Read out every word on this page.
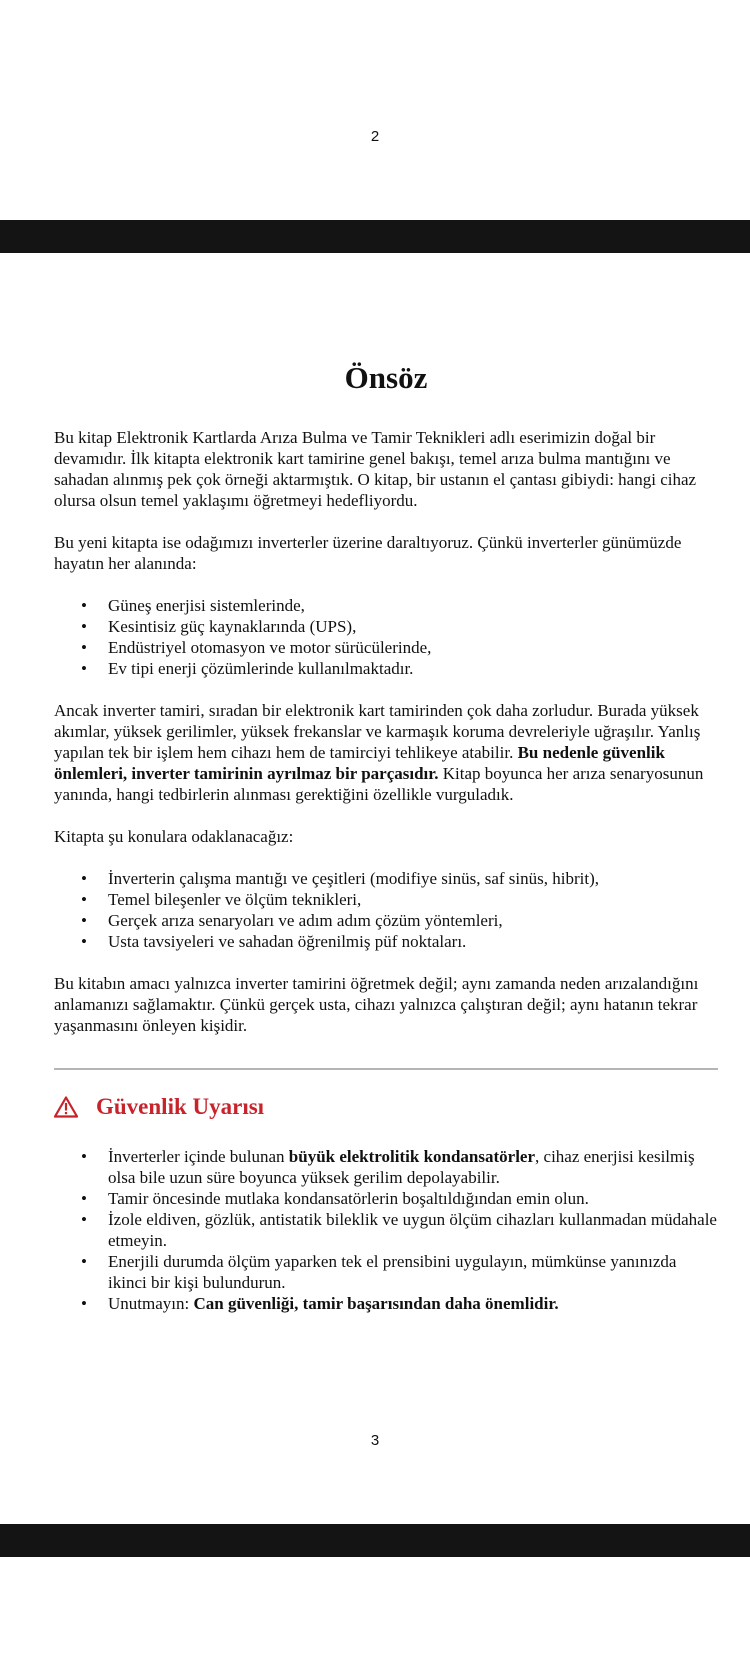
2
Önsöz

Bu kitap Elektronik Kartlarda Arıza Bulma ve Tamir Teknikleri adlı eserimizin doğal bir devamıdır. İlk kitapta elektronik kart tamirine genel bakışı, temel arıza bulma mantığını ve sahadan alınmış pek çok örneği aktarmıştık. O kitap, bir ustanın el çantası gibiydi: hangi cihaz olursa olsun temel yaklaşımı öğretmeyi hedefliyordu.

Bu yeni kitapta ise odağımızı inverterler üzerine daraltıyoruz. Çünkü inverterler günümüzde hayatın her alanında:

• Güneş enerjisi sistemlerinde,
• Kesintisiz güç kaynaklarında (UPS),
• Endüstriyel otomasyon ve motor sürücülerinde,
• Ev tipi enerji çözümlerinde kullanılmaktadır.

Ancak inverter tamiri, sıradan bir elektronik kart tamirinden çok daha zorludur. Burada yüksek akımlar, yüksek gerilimler, yüksek frekanslar ve karmaşık koruma devreleriyle uğraşılır. Yanlış yapılan tek bir işlem hem cihazı hem de tamirciyi tehlikeye atabilir. Bu nedenle güvenlik önlemleri, inverter tamirinin ayrılmaz bir parçasıdır. Kitap boyunca her arıza senaryosunun yanında, hangi tedbirlerin alınması gerektiğini özellikle vurguladık.

Kitapta şu konulara odaklanacağız:

• İnverterin çalışma mantığı ve çeşitleri (modifiye sinüs, saf sinüs, hibrit),
• Temel bileşenler ve ölçüm teknikleri,
• Gerçek arıza senaryoları ve adım adım çözüm yöntemleri,
• Usta tavsiyeleri ve sahadan öğrenilmiş püf noktaları.

Bu kitabın amacı yalnızca inverter tamirini öğretmek değil; aynı zamanda neden arızalandığını anlamanızı sağlamaktır. Çünkü gerçek usta, cihazı yalnızca çalıştıran değil; aynı hatanın tekrar yaşanmasını önleyen kişidir.

Güvenlik Uyarısı
• İnverterler içinde bulunan büyük elektrolitik kondansatörler, cihaz enerjisi kesilmiş olsa bile uzun süre boyunca yüksek gerilim depolayabilir.
• Tamir öncesinde mutlaka kondansatörlerin boşaltıldığından emin olun.
• İzole eldiven, gözlük, antistatik bileklik ve uygun ölçüm cihazları kullanmadan müdahale etmeyin.
• Enerjili durumda ölçüm yaparken tek el prensibini uygulayın, mümkünse yanınızda ikinci bir kişi bulundurun.
• Unutmayın: Can güvenliği, tamir başarısından daha önemlidir.
3
